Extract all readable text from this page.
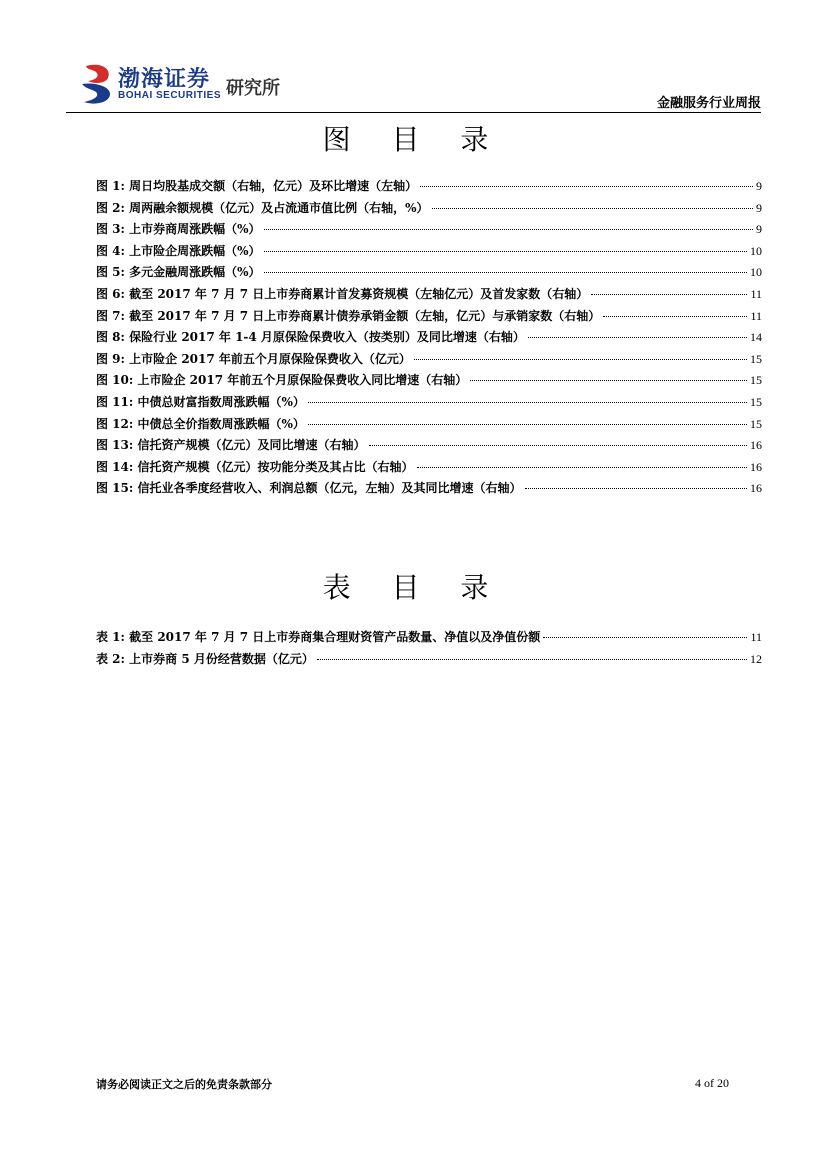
渤海证券
BOHAI SECURITIES 研究所
金融服务行业周报
图 目 录
图 1: 周日均股基成交额（右轴，亿元）及环比增速（左轴）	9
图 2: 周两融余额规模（亿元）及占流通市值比例（右轴，%）	9
图 3: 上市券商周涨跌幅（%）	9
图 4: 上市险企周涨跌幅（%）	10
图 5: 多元金融周涨跌幅（%）	10
图 6: 截至 2017 年 7 月 7 日上市券商累计首发募资规模（左轴亿元）及首发家数（右轴）	11
图 7: 截至 2017 年 7 月 7 日上市券商累计债券承销金额（左轴，亿元）与承销家数（右轴）	11
图 8: 保险行业 2017 年 1-4 月原保险保费收入（按类别）及同比增速（右轴）	14
图 9: 上市险企 2017 年前五个月原保险保费收入（亿元）	15
图 10: 上市险企 2017 年前五个月原保险保费收入同比增速（右轴）	15
图 11: 中债总财富指数周涨跌幅（%）	15
图 12: 中债总全价指数周涨跌幅（%）	15
图 13: 信托资产规模（亿元）及同比增速（右轴）	16
图 14: 信托资产规模（亿元）按功能分类及其占比（右轴）	16
图 15: 信托业各季度经营收入、利润总额（亿元，左轴）及其同比增速（右轴）	16
表 目 录
表 1: 截至 2017 年 7 月 7 日上市券商集合理财资管产品数量、净值以及净值份额	11
表 2: 上市券商 5 月份经营数据（亿元）	12
请务必阅读正文之后的免责条款部分	4 of 20
